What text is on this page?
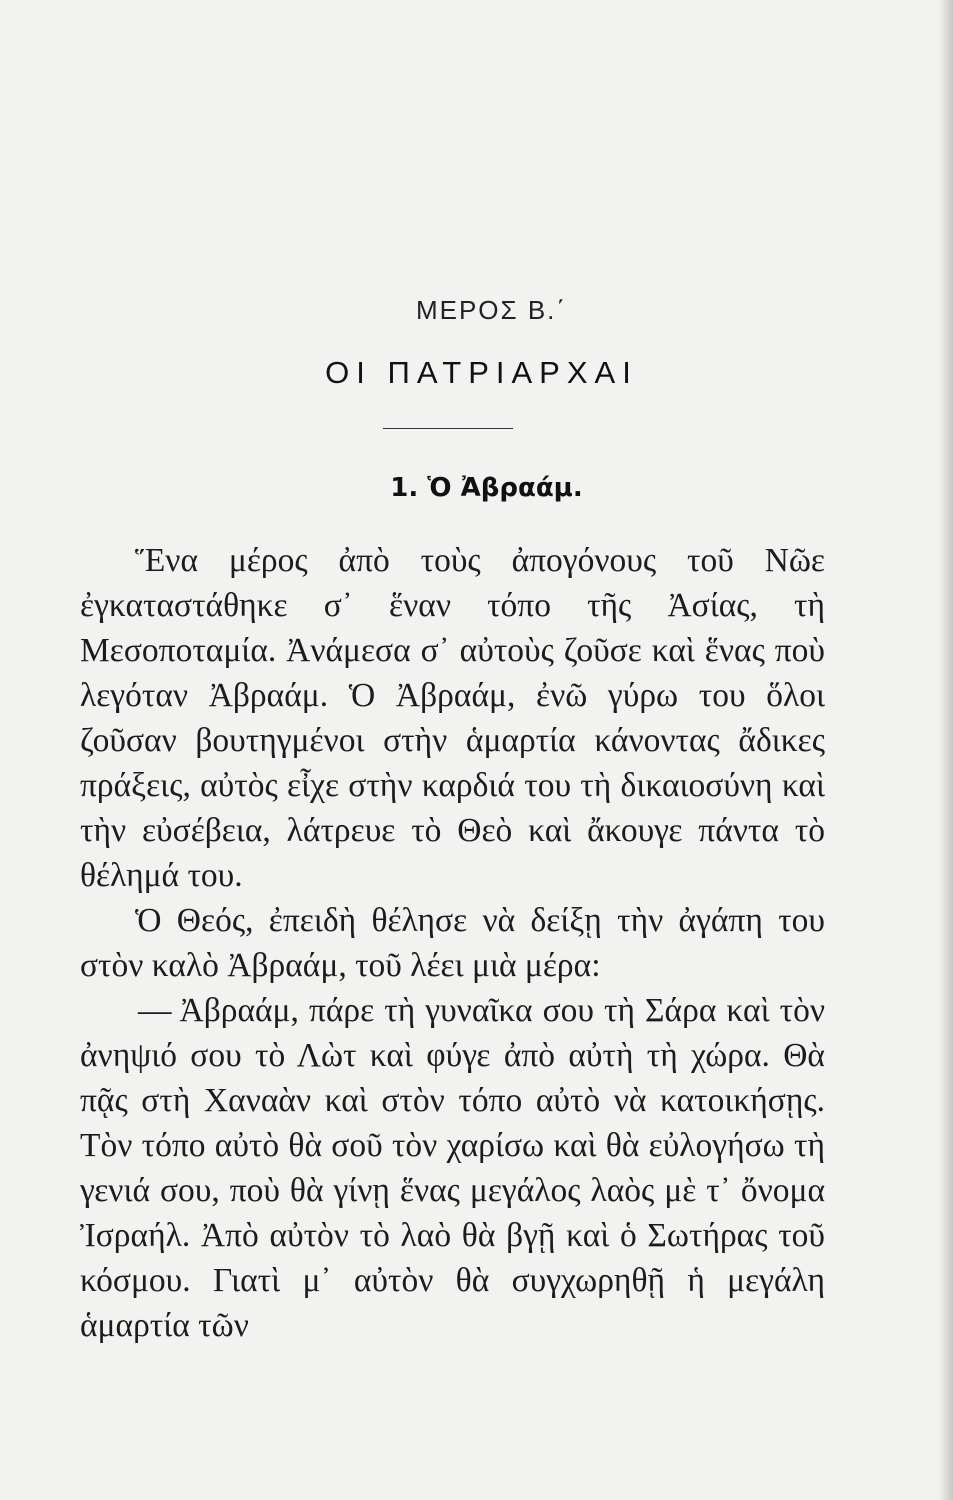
ΜΕΡΟΣ Β.΄
ΟΙ ΠΑΤΡΙΑΡΧΑΙ
1. Ὁ Ἀβραάμ.

Ἕνα μέρος ἀπὸ τοὺς ἀπογόνους τοῦ Νῶε ἐγκαταστάθηκε σ᾽ ἕναν τόπο τῆς Ἀσίας, τὴ Μεσοποταμία. Ἀνάμεσα σ᾽ αὐτοὺς ζοῦσε καὶ ἕνας ποὺ λεγόταν Ἀβραάμ. Ὁ Ἀβραάμ, ἐνῶ γύρω του ὅλοι ζοῦσαν βουτηγμένοι στὴν ἁμαρτία κάνοντας ἄδικες πράξεις, αὐτὸς εἶχε στὴν καρδιά του τὴ δικαιοσύνη καὶ τὴν εὐσέβεια, λάτρευε τὸ Θεὸ καὶ ἄκουγε πάντα τὸ θέλημά του.

Ὁ Θεός, ἐπειδὴ θέλησε νὰ δείξῃ τὴν ἀγάπη του στὸν καλὸ Ἀβραάμ, τοῦ λέει μιὰ μέρα:

— Ἀβραάμ, πάρε τὴ γυναῖκα σου τὴ Σάρα καὶ τὸν ἀνηψιό σου τὸ Λὼτ καὶ φύγε ἀπὸ αὐτὴ τὴ χώρα. Θὰ πᾷς στὴ Χαναὰν καὶ στὸν τόπο αὐτὸ νὰ κατοικήσῃς. Τὸν τόπο αὐτὸ θὰ σοῦ τὸν χαρίσω καὶ θὰ εὐλογήσω τὴ γενιά σου, ποὺ θὰ γίνῃ ἕνας μεγάλος λαὸς μὲ τ᾽ ὄνομα Ἰσραήλ. Ἀπὸ αὐτὸν τὸ λαὸ θὰ βγῇ καὶ ὁ Σωτήρας τοῦ κόσμου. Γιατὶ μ᾽ αὐτὸν θὰ συγχωρηθῇ ἡ μεγάλη ἁμαρτία τῶν
